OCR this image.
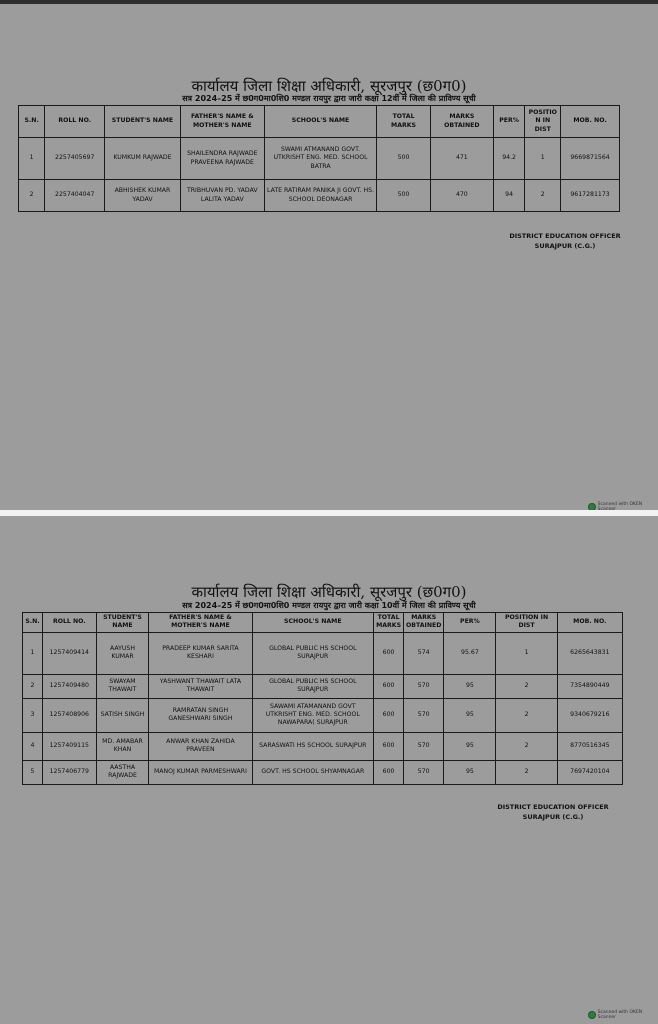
कार्यालय जिला शिक्षा अधिकारी, सूरजपुर (छ0ग0)
सत्र 2024–25 में छ0ग0मा0शि0 मण्डल रायपुर द्वारा जारी कक्षा 12वीं में जिला की प्राविण्य सूची
S.N.	ROLL NO.	STUDENT'S NAME	FATHER'S NAME & MOTHER'S NAME	SCHOOL'S NAME	TOTAL MARKS	MARKS OBTAINED	PER%	POSITIO N IN DIST	MOB. NO.
1	2257405697	KUMKUM RAJWADE	SHAILENDRA RAJWADE PRAVEENA RAJWADE	SWAMI ATMANAND GOVT. UTKRISHT ENG. MED. SCHOOL BATRA	500	471	94.2	1	9669871564
2	2257404047	ABHISHEK KUMAR YADAV	TRIBHUVAN PD. YADAV LALITA YADAV	LATE RATIRAM PANIKA JI GOVT. HS. SCHOOL DEONAGAR	500	470	94	2	9617281173
DISTRICT EDUCATION OFFICER
SURAJPUR (C.G.)
Scanned with OKEN
कार्यालय जिला शिक्षा अधिकारी, सूरजपुर (छ0ग0)
सत्र 2024–25 में छ0ग0मा0शि0 मण्डल रायपुर द्वारा जारी कक्षा 10वीं में जिला की प्राविण्य सूची
S.N.	ROLL NO.	STUDENT'S NAME	FATHER'S NAME & MOTHER'S NAME	SCHOOL'S NAME	TOTAL MARKS	MARKS OBTAINED	PER%	POSITION IN DIST	MOB. NO.
1	1257409414	AAYUSH KUMAR	PRADEEP KUMAR SARITA KESHARI	GLOBAL PUBLIC HS SCHOOL SURAJPUR	600	574	95.67	1	6265643831
2	1257409480	SWAYAM THAWAIT	YASHWANT THAWAIT LATA THAWAIT	GLOBAL PUBLIC HS SCHOOL SURAJPUR	600	570	95	2	7354890449
3	1257408906	SATISH SINGH	RAMRATAN SINGH GANESHWARI SINGH	SAWAMI ATAMANAND GOVT UTKRISHT ENG. MED. SCHOOL NAWAPARA( SURAJPUR	600	570	95	2	9340679216
4	1257409115	MD. AMABAR KHAN	ANWAR KHAN ZAHIDA PRAVEEN	SARASWATI HS SCHOOL SURAJPUR	600	570	95	2	8770516345
5	1257406779	AASTHA RAJWADE	MANOJ KUMAR PARMESHWARI	GOVT. HS SCHOOL SHYAMNAGAR	600	570	95	2	7697420104
DISTRICT EDUCATION OFFICER
SURAJPUR (C.G.)
Scanned with OKEN Scanner
